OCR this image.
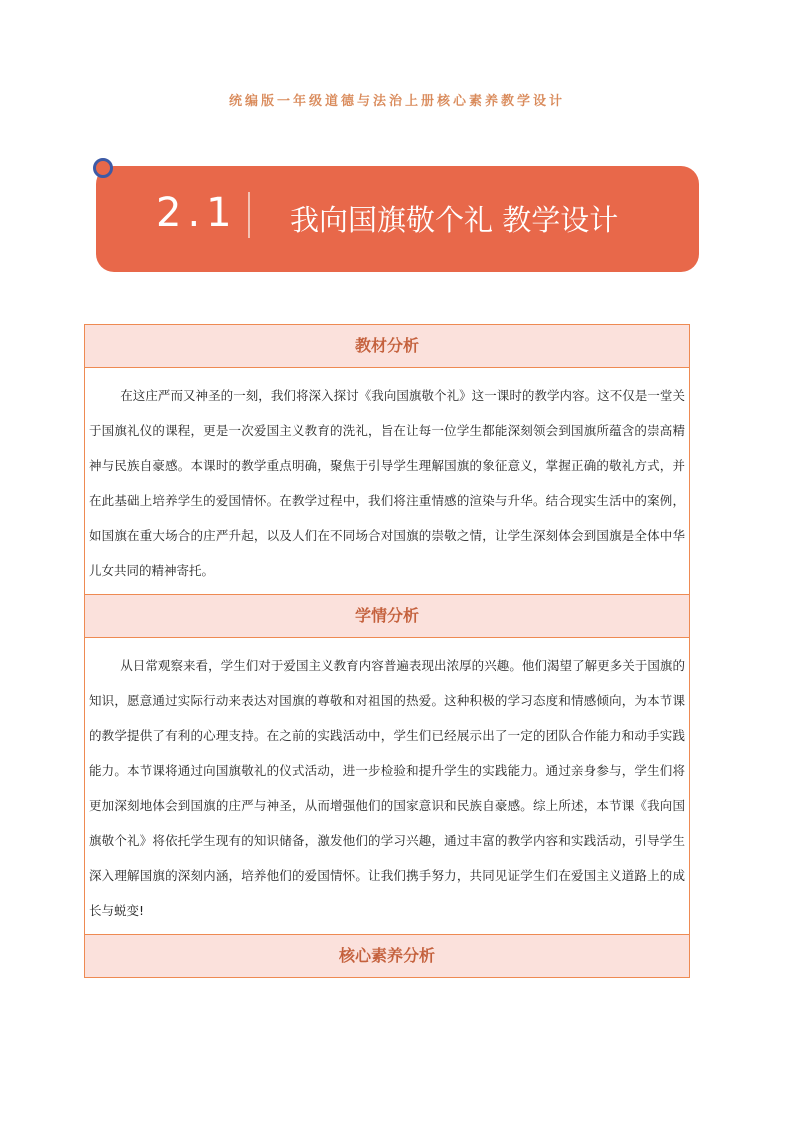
统编版一年级道德与法治上册核心素养教学设计
2.1 我向国旗敬个礼 教学设计
教材分析
在这庄严而又神圣的一刻，我们将深入探讨《我向国旗敬个礼》这一课时的教学内容。这不仅是一堂关于国旗礼仪的课程，更是一次爱国主义教育的洗礼，旨在让每一位学生都能深刻领会到国旗所蕴含的崇高精神与民族自豪感。本课时的教学重点明确，聚焦于引导学生理解国旗的象征意义，掌握正确的敬礼方式，并在此基础上培养学生的爱国情怀。在教学过程中，我们将注重情感的渲染与升华。结合现实生活中的案例，如国旗在重大场合的庄严升起，以及人们在不同场合对国旗的崇敬之情，让学生深刻体会到国旗是全体中华儿女共同的精神寄托。
学情分析
从日常观察来看，学生们对于爱国主义教育内容普遍表现出浓厚的兴趣。他们渴望了解更多关于国旗的知识，愿意通过实际行动来表达对国旗的尊敬和对祖国的热爱。这种积极的学习态度和情感倾向，为本节课的教学提供了有利的心理支持。在之前的实践活动中，学生们已经展示出了一定的团队合作能力和动手实践能力。本节课将通过向国旗敬礼的仪式活动，进一步检验和提升学生的实践能力。通过亲身参与，学生们将更加深刻地体会到国旗的庄严与神圣，从而增强他们的国家意识和民族自豪感。综上所述，本节课《我向国旗敬个礼》将依托学生现有的知识储备，激发他们的学习兴趣，通过丰富的教学内容和实践活动，引导学生深入理解国旗的深刻内涵，培养他们的爱国情怀。让我们携手努力，共同见证学生们在爱国主义道路上的成长与蜕变!
核心素养分析
